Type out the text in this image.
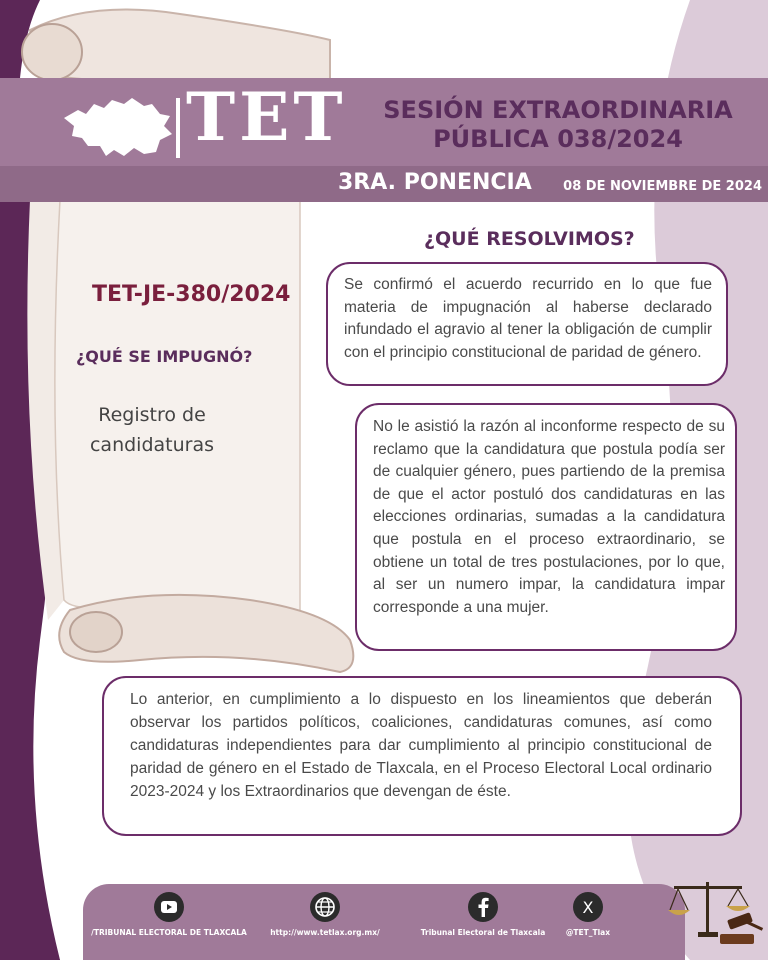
TET	SESIÓN EXTRAORDINARIA
PÚBLICA 038/2024
3RA. PONENCIA	08 DE NOVIEMBRE DE 2024
¿QUÉ RESOLVIMOS?
TET-JE-380/2024
¿QUÉ SE IMPUGNÓ?
Registro de
candidaturas
Se confirmó el acuerdo recurrido en lo que fue materia de impugnación al haberse declarado infundado el agravio al tener la obligación de cumplir con el principio constitucional de paridad de género.
No le asistió la razón al inconforme respecto de su reclamo que la candidatura que postula podía ser de cualquier género, pues partiendo de la premisa de que el actor postuló dos candidaturas en las elecciones ordinarias, sumadas a la candidatura que postula en el proceso extraordinario, se obtiene un total de tres postulaciones, por lo que, al ser un numero impar, la candidatura impar corresponde a una mujer.
Lo anterior, en cumplimiento a lo dispuesto en los lineamientos que deberán observar los partidos políticos, coaliciones, candidaturas comunes, así como candidaturas independientes para dar cumplimiento al principio constitucional de paridad de género en el Estado de Tlaxcala, en el Proceso Electoral Local ordinario 2023-2024 y los Extraordinarios que devengan de éste.
/TRIBUNAL ELECTORAL DE TLAXCALA	http://www.tetlax.org.mx/	Tribunal Electoral de Tlaxcala
X
@TET_Tlax
